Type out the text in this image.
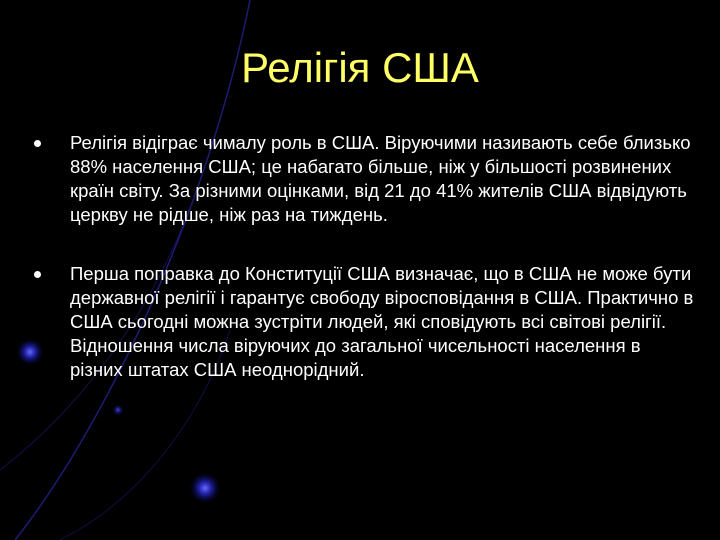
Релігія США
Релігія відіграє чималу роль в США. Віруючими називають себе близько 88% населення США; це набагато більше, ніж у більшості розвинених країн світу. За різними оцінками, від 21 до 41% жителів США відвідують церкву не рідше, ніж раз на тиждень.
Перша поправка до Конституції США визначає, що в США не може бути державної релігії і гарантує свободу віросповідання в США. Практично в США сьогодні можна зустріти людей, які сповідують всі світові релігії.
Відношення числа віруючих до загальної чисельності населення в різних штатах США неоднорідний.
